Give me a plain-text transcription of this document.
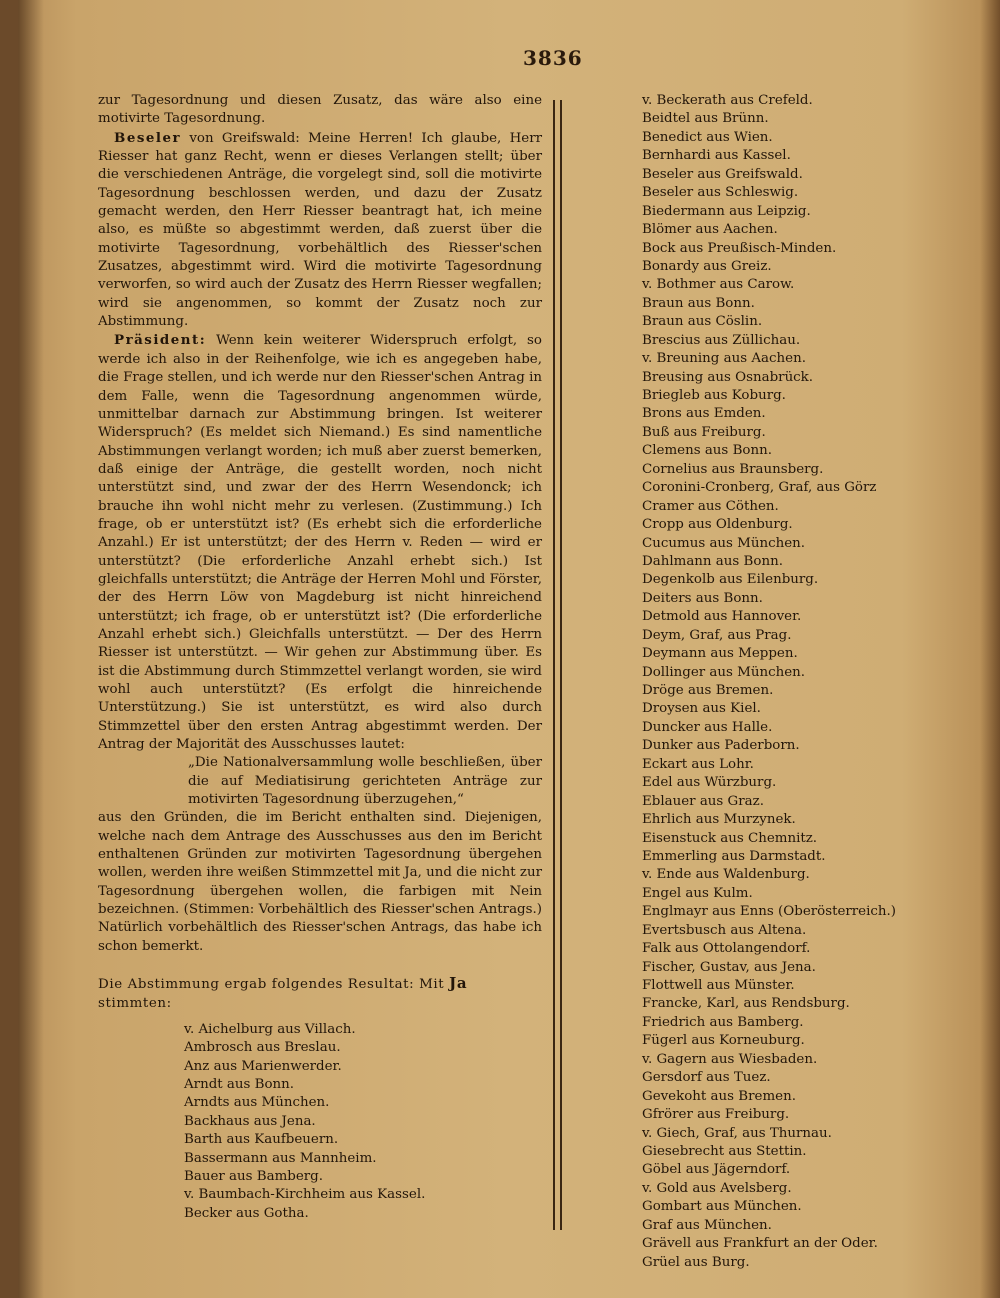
3836

zur Tagesordnung und diesen Zusatz, das wäre also eine motivirte Tagesordnung.

Beseler von Greifswald: Meine Herren! Ich glaube, Herr Riesser hat ganz Recht, wenn er dieses Verlangen stellt; über die verschiedenen Anträge, die vorgelegt sind, soll die motivirte Tagesordnung beschlossen werden, und dazu der Zusatz gemacht werden, den Herr Riesser beantragt hat, ich meine also, es müßte so abgestimmt werden, daß zuerst über die motivirte Tagesordnung, vorbehältlich des Riesser'schen Zusatzes, abgestimmt wird. Wird die motivirte Tagesordnung verworfen, so wird auch der Zusatz des Herrn Riesser wegfallen; wird sie angenommen, so kommt der Zusatz noch zur Abstimmung.

Präsident: Wenn kein weiterer Widerspruch erfolgt, so werde ich also in der Reihenfolge, wie ich es angegeben habe, die Frage stellen, und ich werde nur den Riesser'schen Antrag in dem Falle, wenn die Tagesordnung angenommen würde, unmittelbar darnach zur Abstimmung bringen. Ist weiterer Widerspruch? (Es meldet sich Niemand.) Es sind namentliche Abstimmungen verlangt worden; ich muß aber zuerst bemerken, daß einige der Anträge, die gestellt worden, noch nicht unterstützt sind, und zwar der des Herrn Wesendonck; ich brauche ihn wohl nicht mehr zu verlesen. (Zustimmung.) Ich frage, ob er unterstützt ist? (Es erhebt sich die erforderliche Anzahl.) Er ist unterstützt; der des Herrn v. Reden — wird er unterstützt? (Die erforderliche Anzahl erhebt sich.) Ist gleichfalls unterstützt; die Anträge der Herren Mohl und Förster, der des Herrn Löw von Magdeburg ist nicht hinreichend unterstützt; ich frage, ob er unterstützt ist? (Die erforderliche Anzahl erhebt sich.) Gleichfalls unterstützt. — Der des Herrn Riesser ist unterstützt. — Wir gehen zur Abstimmung über. Es ist die Abstimmung durch Stimmzettel verlangt worden, sie wird wohl auch unterstützt? (Es erfolgt die hinreichende Unterstützung.) Sie ist unterstützt, es wird also durch Stimmzettel über den ersten Antrag abgestimmt werden. Der Antrag der Majorität des Ausschusses lautet:

„Die Nationalversammlung wolle beschließen, über die auf Mediatisirung gerichteten Anträge zur motivirten Tagesordnung überzugehen,“

aus den Gründen, die im Bericht enthalten sind. Diejenigen, welche nach dem Antrage des Ausschusses aus den im Bericht enthaltenen Gründen zur motivirten Tagesordnung übergehen wollen, werden ihre weißen Stimmzettel mit Ja, und die nicht zur Tagesordnung übergehen wollen, die farbigen mit Nein bezeichnen. (Stimmen: Vorbehältlich des Riesser'schen Antrags.) Natürlich vorbehältlich des Riesser'schen Antrags, das habe ich schon bemerkt.

Die Abstimmung ergab folgendes Resultat: Mit Ja stimmten:

v. Aichelburg aus Villach.
Ambrosch aus Breslau.
Anz aus Marienwerder.
Arndt aus Bonn.
Arndts aus München.
Backhaus aus Jena.
Barth aus Kaufbeuern.
Bassermann aus Mannheim.
Bauer aus Bamberg.
v. Baumbach-Kirchheim aus Kassel.
Becker aus Gotha.
v. Beckerath aus Crefeld.
Beidtel aus Brünn.
Benedict aus Wien.
Bernhardi aus Kassel.
Beseler aus Greifswald.
Beseler aus Schleswig.
Biedermann aus Leipzig.
Blömer aus Aachen.
Bock aus Preußisch-Minden.
Bonardy aus Greiz.
v. Bothmer aus Carow.
Braun aus Bonn.
Braun aus Cöslin.
Brescius aus Züllichau.
v. Breuning aus Aachen.
Breusing aus Osnabrück.
Briegleb aus Koburg.
Brons aus Emden.
Buß aus Freiburg.
Clemens aus Bonn.
Cornelius aus Braunsberg.
Coronini-Cronberg, Graf, aus Görz
Cramer aus Cöthen.
Cropp aus Oldenburg.
Cucumus aus München.
Dahlmann aus Bonn.
Degenkolb aus Eilenburg.
Deiters aus Bonn.
Detmold aus Hannover.
Deym, Graf, aus Prag.
Deymann aus Meppen.
Dollinger aus München.
Dröge aus Bremen.
Droysen aus Kiel.
Duncker aus Halle.
Dunker aus Paderborn.
Eckart aus Lohr.
Edel aus Würzburg.
Eblauer aus Graz.
Ehrlich aus Murzynek.
Eisenstuck aus Chemnitz.
Emmerling aus Darmstadt.
v. Ende aus Waldenburg.
Engel aus Kulm.
Englmayr aus Enns (Oberösterreich.)
Evertsbusch aus Altena.
Falk aus Ottolangendorf.
Fischer, Gustav, aus Jena.
Flottwell aus Münster.
Francke, Karl, aus Rendsburg.
Friedrich aus Bamberg.
Fügerl aus Korneuburg.
v. Gagern aus Wiesbaden.
Gersdorf aus Tuez.
Gevekoht aus Bremen.
Gfrörer aus Freiburg.
v. Giech, Graf, aus Thurnau.
Giesebrecht aus Stettin.
Göbel aus Jägerndorf.
v. Gold aus Avelsberg.
Gombart aus München.
Graf aus München.
Grävell aus Frankfurt an der Oder.
Grüel aus Burg.
